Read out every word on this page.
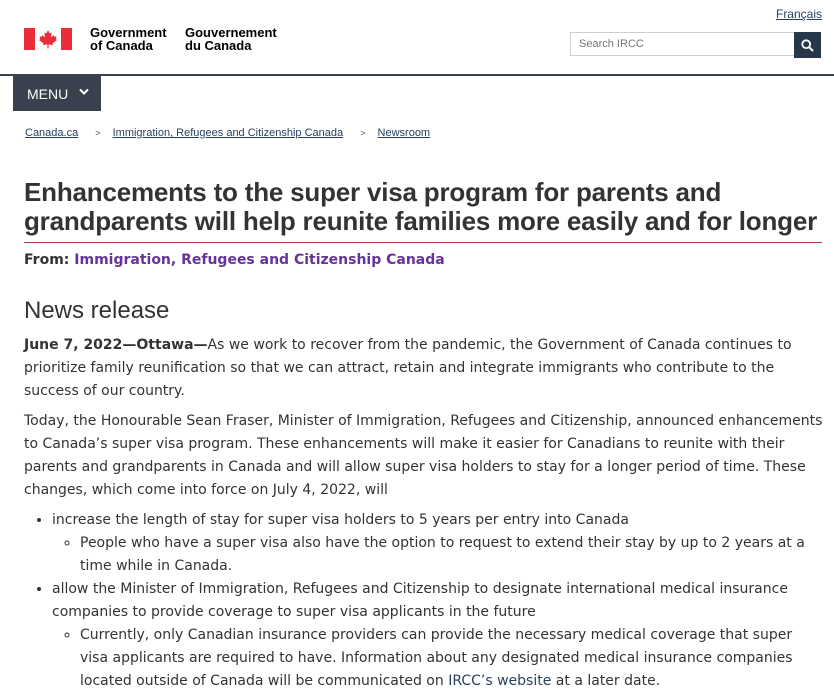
Français
Government
of Canada
Gouvernement
du Canada
Search IRCC
MENU
Canada.ca > Immigration, Refugees and Citizenship Canada > Newsroom
Enhancements to the super visa program for parents and grandparents will help reunite families more easily and for longer
From: Immigration, Refugees and Citizenship Canada
News release

June 7, 2022—Ottawa—As we work to recover from the pandemic, the Government of Canada continues to prioritize family reunification so that we can attract, retain and integrate immigrants who contribute to the success of our country.

Today, the Honourable Sean Fraser, Minister of Immigration, Refugees and Citizenship, announced enhancements to Canada’s super visa program. These enhancements will make it easier for Canadians to reunite with their parents and grandparents in Canada and will allow super visa holders to stay for a longer period of time. These changes, which come into force on July 4, 2022, will

• increase the length of stay for super visa holders to 5 years per entry into Canada
◦ People who have a super visa also have the option to request to extend their stay by up to 2 years at a time while in Canada.
• allow the Minister of Immigration, Refugees and Citizenship to designate international medical insurance companies to provide coverage to super visa applicants in the future
◦ Currently, only Canadian insurance providers can provide the necessary medical coverage that super visa applicants are required to have. Information about any designated medical insurance companies located outside of Canada will be communicated on IRCC’s website at a later date.
